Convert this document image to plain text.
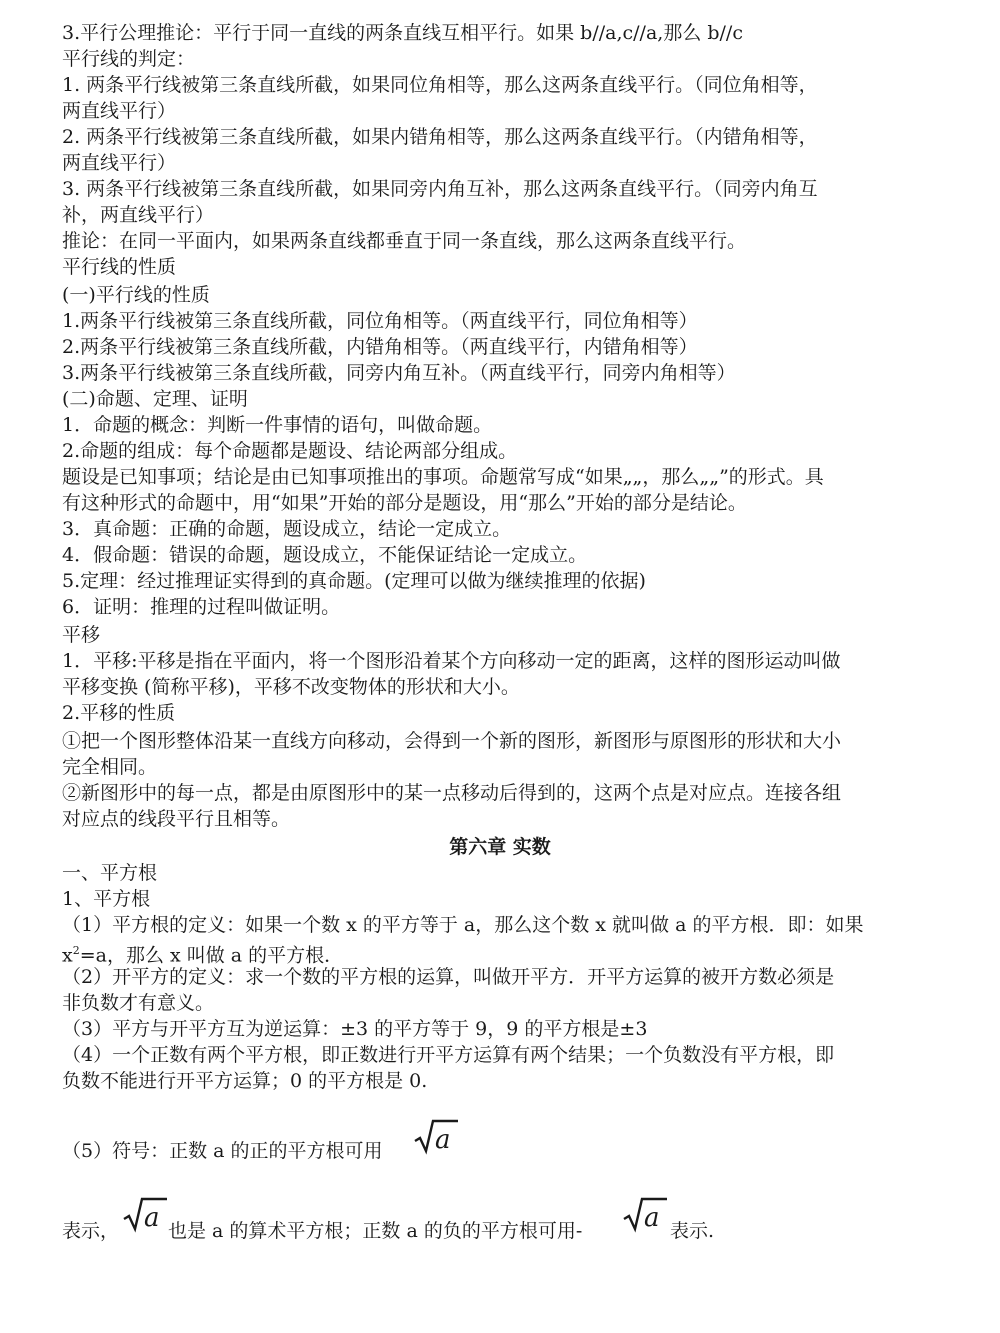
3.平行公理推论：平行于同一直线的两条直线互相平行。如果 b//a,c//a,那么 b//c
平行线的判定：
1. 两条平行线被第三条直线所截，如果同位角相等，那么这两条直线平行。（同位角相等，
两直线平行）
2. 两条平行线被第三条直线所截，如果内错角相等，那么这两条直线平行。（内错角相等，
两直线平行）
3. 两条平行线被第三条直线所截，如果同旁内角互补，那么这两条直线平行。（同旁内角互
补，两直线平行）
推论：在同一平面内，如果两条直线都垂直于同一条直线，那么这两条直线平行。
平行线的性质
(一)平行线的性质
1.两条平行线被第三条直线所截，同位角相等。（两直线平行，同位角相等）
2.两条平行线被第三条直线所截，内错角相等。（两直线平行，内错角相等）
3.两条平行线被第三条直线所截，同旁内角互补。（两直线平行，同旁内角相等）
(二)命题、定理、证明
1．命题的概念：判断一件事情的语句，叫做命题。
2.命题的组成：每个命题都是题设、结论两部分组成。
题设是已知事项；结论是由已知事项推出的事项。命题常写成“如果„„，那么„„”的形式。具
有这种形式的命题中，用“如果”开始的部分是题设，用“那么”开始的部分是结论。
3．真命题：正确的命题，题设成立，结论一定成立。
4．假命题：错误的命题，题设成立，不能保证结论一定成立。
5.定理：经过推理证实得到的真命题。(定理可以做为继续推理的依据)
6．证明：推理的过程叫做证明。
平移
1．平移:平移是指在平面内，将一个图形沿着某个方向移动一定的距离，这样的图形运动叫做
平移变换 (简称平移)，平移不改变物体的形状和大小。
2.平移的性质
①把一个图形整体沿某一直线方向移动，会得到一个新的图形，新图形与原图形的形状和大小
完全相同。
②新图形中的每一点，都是由原图形中的某一点移动后得到的，这两个点是对应点。连接各组
对应点的线段平行且相等。
第六章 实数
一、平方根
1、平方根
（1）平方根的定义：如果一个数 x 的平方等于 a，那么这个数 x 就叫做 a 的平方根．即：如果
$x^2=a$，那么 x 叫做 a 的平方根．
（2）开平方的定义：求一个数的平方根的运算，叫做开平方．开平方运算的被开方数必须是
非负数才有意义。
（3）平方与开平方互为逆运算：±3 的平方等于 9，9 的平方根是±3
（4）一个正数有两个平方根，即正数进行开平方运算有两个结果；一个负数没有平方根，即
负数不能进行开平方运算；0 的平方根是 0.
（5）符号：正数 a 的正的平方根可用	a
表示， a 也是 a 的算术平方根；正数 a 的负的平方根可用-	a 表示.
